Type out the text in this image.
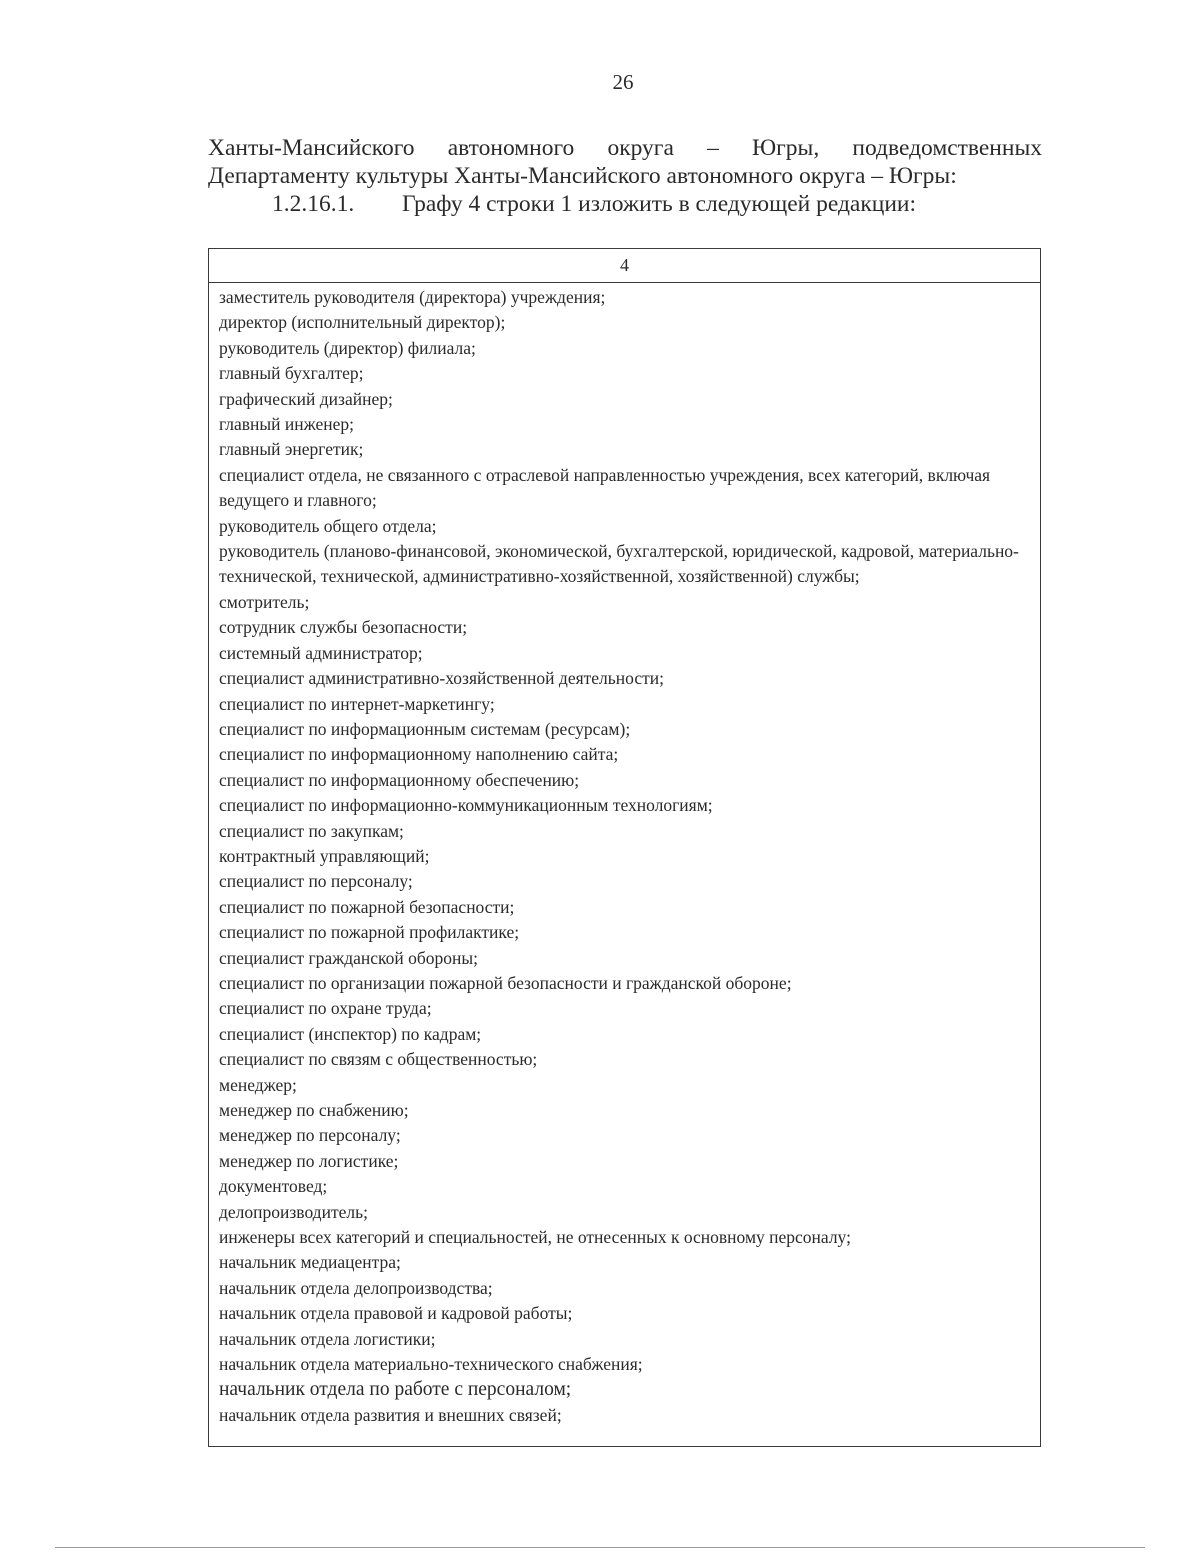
26
Ханты-Мансийского автономного округа – Югры, подведомственных
Департаменту культуры Ханты-Мансийского автономного округа – Югры:
1.2.16.1. Графу 4 строки 1 изложить в следующей редакции:
4
заместитель руководителя (директора) учреждения;
директор (исполнительный директор);
руководитель (директор) филиала;
главный бухгалтер;
графический дизайнер;
главный инженер;
главный энергетик;
специалист отдела, не связанного с отраслевой направленностью учреждения, всех категорий, включая ведущего и главного;
руководитель общего отдела;
руководитель (планово-финансовой, экономической, бухгалтерской, юридической, кадровой, материально-технической, технической, административно-хозяйственной, хозяйственной) службы;
смотритель;
сотрудник службы безопасности;
системный администратор;
специалист административно-хозяйственной деятельности;
специалист по интернет-маркетингу;
специалист по информационным системам (ресурсам);
специалист по информационному наполнению сайта;
специалист по информационному обеспечению;
специалист по информационно-коммуникационным технологиям;
специалист по закупкам;
контрактный управляющий;
специалист по персоналу;
специалист по пожарной безопасности;
специалист по пожарной профилактике;
специалист гражданской обороны;
специалист по организации пожарной безопасности и гражданской обороне;
специалист по охране труда;
специалист (инспектор) по кадрам;
специалист по связям с общественностью;
менеджер;
менеджер по снабжению;
менеджер по персоналу;
менеджер по логистике;
документовед;
делопроизводитель;
инженеры всех категорий и специальностей, не отнесенных к основному персоналу;
начальник медиацентра;
начальник отдела делопроизводства;
начальник отдела правовой и кадровой работы;
начальник отдела логистики;
начальник отдела материально-технического снабжения;
начальник отдела по работе с персоналом;
начальник отдела развития и внешних связей;
